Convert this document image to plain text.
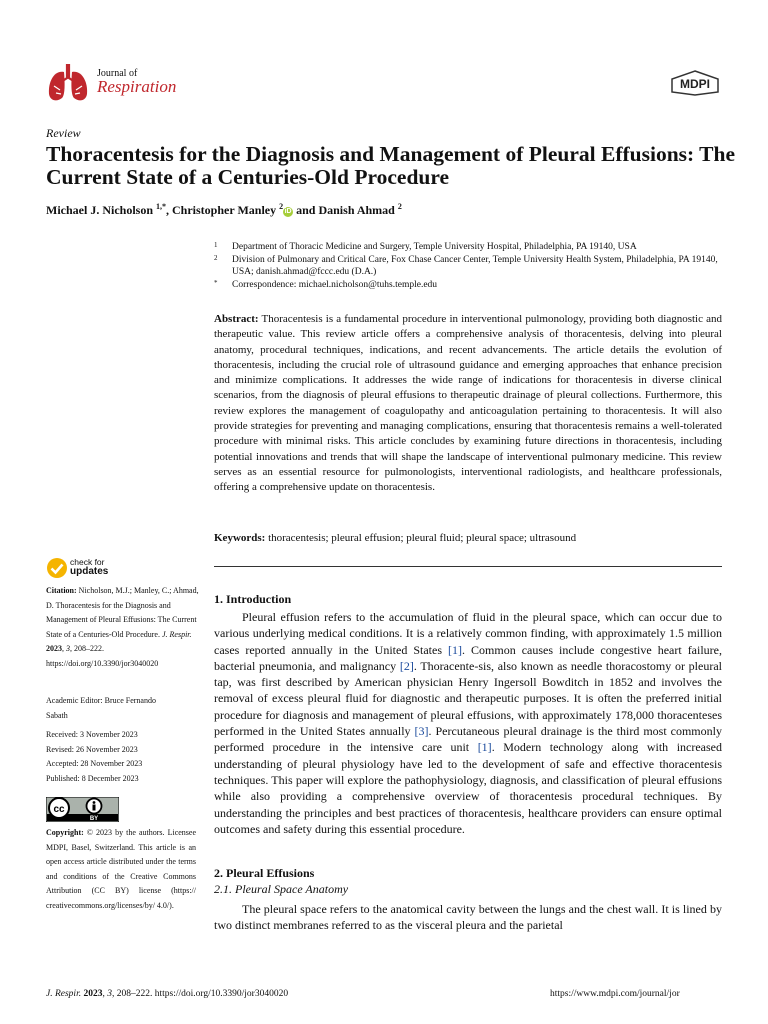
Journal of
Respiration	MDPI
Review
Thoracentesis for the Diagnosis and Management of Pleural Effusions: The Current State of a Centuries-Old Procedure
Michael J. Nicholson $^{1,*}$, Christopher Manley $^2$iD and Danish Ahmad $^2$
1 Department of Thoracic Medicine and Surgery, Temple University Hospital, Philadelphia, PA 19140, USA
2 Division of Pulmonary and Critical Care, Fox Chase Cancer Center, Temple University Health System, Philadelphia, PA 19140, USA; danish.ahmad@fccc.edu (D.A.)
* Correspondence: michael.nicholson@tuhs.temple.edu
Abstract: Thoracentesis is a fundamental procedure in interventional pulmonology, providing both diagnostic and therapeutic value. This review article offers a comprehensive analysis of thoracentesis, delving into pleural anatomy, procedural techniques, indications, and recent advancements. The article details the evolution of thoracentesis, including the crucial role of ultrasound guidance and emerging approaches that enhance precision and minimize complications. It addresses the wide range of indications for thoracentesis in diverse clinical scenarios, from the diagnosis of pleural effusions to therapeutic drainage of pleural collections. Furthermore, this review explores the management of coagulopathy and anticoagulation pertaining to thoracentesis. It will also provide strategies for preventing and managing complications, ensuring that thoracentesis remains a well-tolerated procedure with minimal risks. This article concludes by examining future directions in thoracentesis, including potential innovations and trends that will shape the landscape of interventional pulmonary medicine. This review serves as an essential resource for pulmonologists, interventional radiologists, and healthcare professionals, offering a comprehensive update on thoracentesis.
Keywords: thoracentesis; pleural effusion; pleural fluid; pleural space; ultrasound
check for
updates
Citation: Nicholson, M.J.; Manley, C.; Ahmad, D. Thoracentesis for the Diagnosis and Management of Pleural Effusions: The Current State of a Centuries-Old Procedure. J. Respir. 2023, 3, 208–222. https://doi.org/10.3390/jor3040020
Academic Editor: Bruce Fernando Sabath
Received: 3 November 2023
Revised: 26 November 2023
Accepted: 28 November 2023
Published: 8 December 2023
cc
BY
Copyright: © 2023 by the authors. Licensee MDPI, Basel, Switzerland. This article is an open access article distributed under the terms and conditions of the Creative Commons Attribution (CC BY) license (https:// creativecommons.org/licenses/by/ 4.0/).
1. Introduction
Pleural effusion refers to the accumulation of fluid in the pleural space, which can occur due to various underlying medical conditions. It is a relatively common finding, with approximately 1.5 million cases reported annually in the United States [1]. Common causes include congestive heart failure, bacterial pneumonia, and malignancy [2]. Thoracente-sis, also known as needle thoracostomy or pleural tap, was first described by American physician Henry Ingersoll Bowditch in 1852 and involves the removal of excess pleural fluid for diagnostic and therapeutic purposes. It is often the preferred initial procedure for diagnosis and management of pleural effusions, with approximately 178,000 thoracenteses performed in the United States annually [3]. Percutaneous pleural drainage is the third most commonly performed procedure in the intensive care unit [1]. Modern technology along with increased understanding of pleural physiology have led to the development of safe and effective thoracentesis techniques. This paper will explore the pathophysiology, diagnosis, and classification of pleural effusions while also providing a comprehensive overview of thoracentesis procedural techniques. By understanding the principles and best practices of thoracentesis, healthcare providers can ensure optimal outcomes and safety during this essential procedure.
2. Pleural Effusions
2.1. Pleural Space Anatomy
The pleural space refers to the anatomical cavity between the lungs and the chest wall. It is lined by two distinct membranes referred to as the visceral pleura and the parietal
J. Respir. 2023, 3, 208–222. https://doi.org/10.3390/jor3040020	https://www.mdpi.com/journal/jor
